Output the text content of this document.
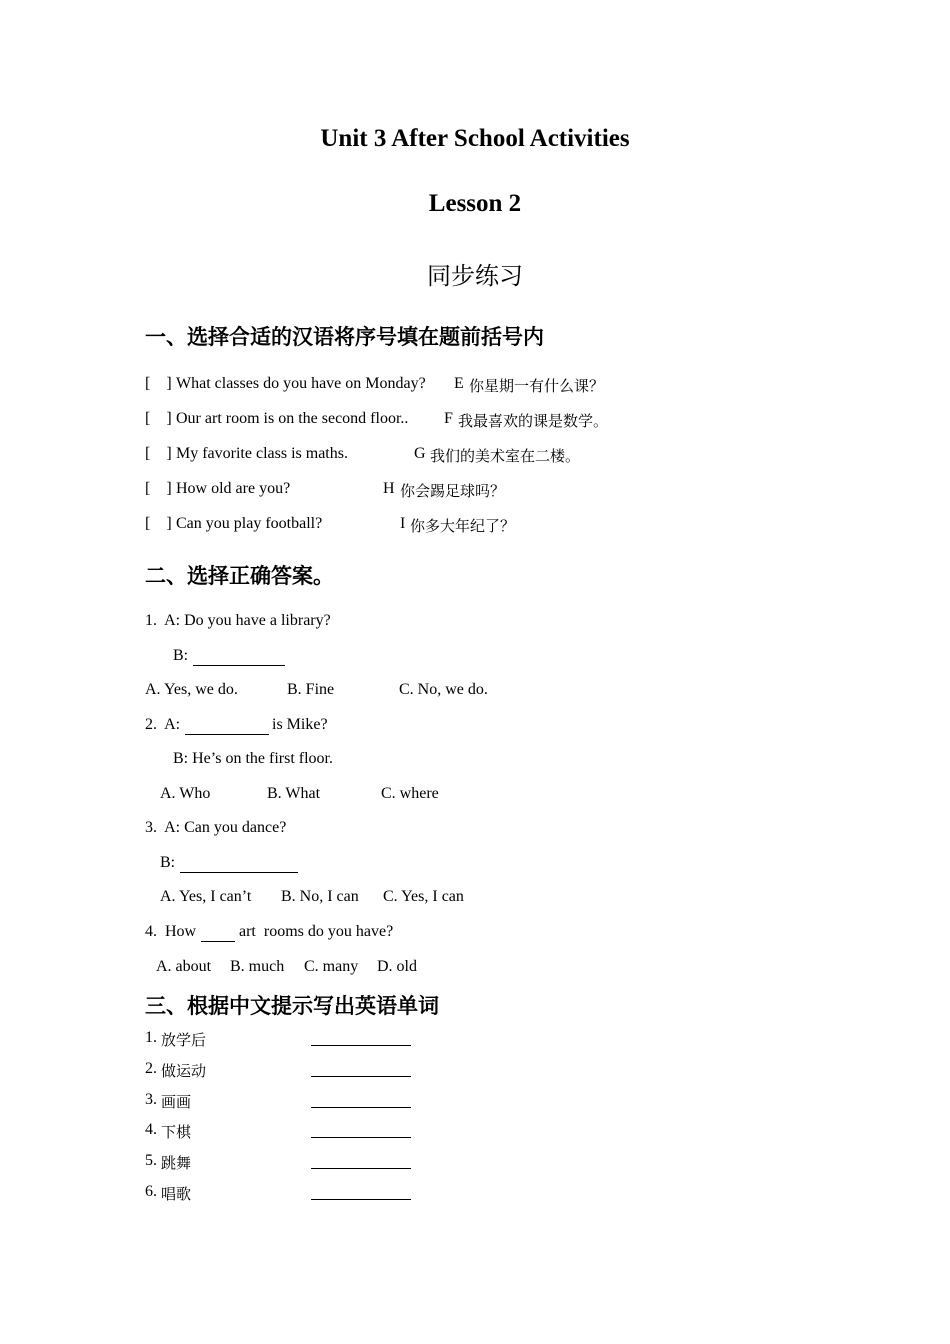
Unit 3 After School Activities
Lesson 2
同步练习
一、选择合适的汉语将序号填在题前括号内
[    ] What classes do you have on Monday? E 你星期一有什么课？
[    ] Our art room is on the second floor.. F 我最喜欢的课是数学。
[    ] My favorite class is maths.	G 我们的美术室在二楼。
[    ] How old are you?	H 你会踢足球吗？
[    ] Can you play football?	I 你多大年纪了？
二、选择正确答案。
1.  A: Do you have a library?
B:
A. Yes, we do.	B. Fine	C. No, we do.
2.  A:	is Mike?
B: He’s on the first floor.
A. Who	B. What	C. where
3.  A: Can you dance?
B:
A. Yes, I can’t B. No, I can C. Yes, I can
4.  How	art  rooms do you have?
A. about B. much C. many D. old
三、根据中文提示写出英语单词
1. 放学后
2. 做运动
3. 画画
4. 下棋
5. 跳舞
6. 唱歌
